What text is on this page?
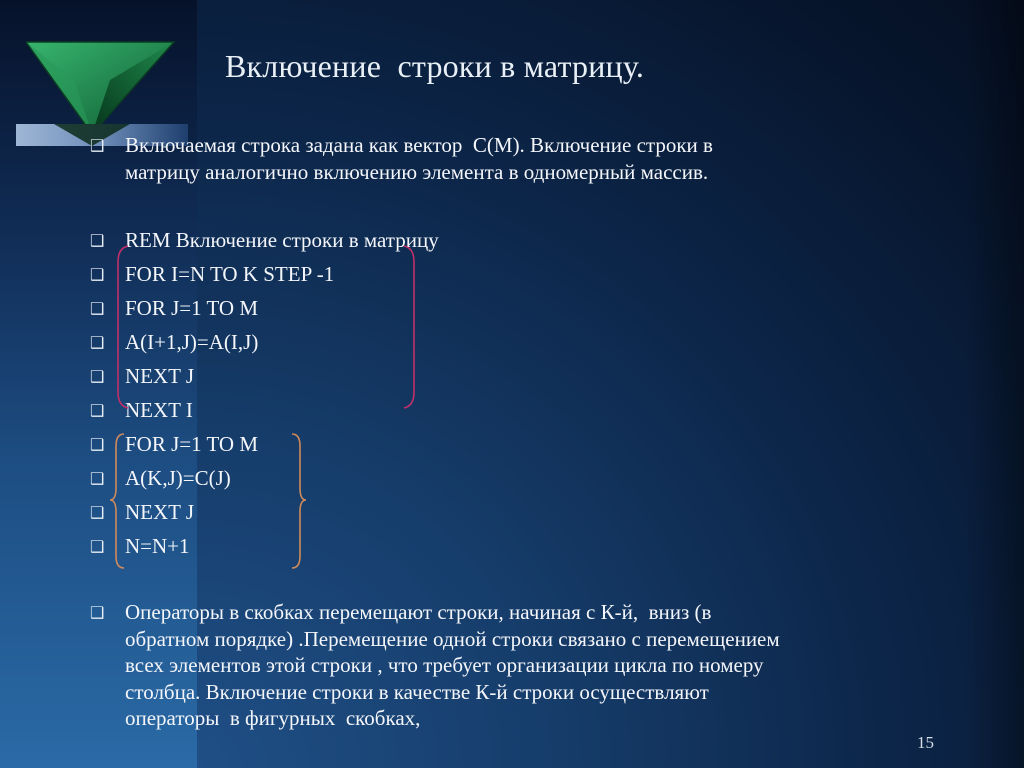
Включение  строки в матрицу.
❑ Включаемая строка задана как вектор  C(M). Включение строки в
матрицу аналогично включению элемента в одномерный массив.
❑ REM Включение строки в матрицу
❑ FOR I=N TO K STEP -1
❑ FOR J=1 TO M
❑ A(I+1,J)=A(I,J)
❑ NEXT J
❑ NEXT I
❑ FOR J=1 TO M
❑ A(K,J)=C(J)
❑ NEXT J
❑ N=N+1
❑ Операторы в скобках перемещают строки, начиная с К-й,  вниз (в
обратном порядке) .Перемещение одной строки связано с перемещением
всех элементов этой строки , что требует организации цикла по номеру
столбца. Включение строки в качестве К-й строки осуществляют
операторы  в фигурных  скобках,
15
